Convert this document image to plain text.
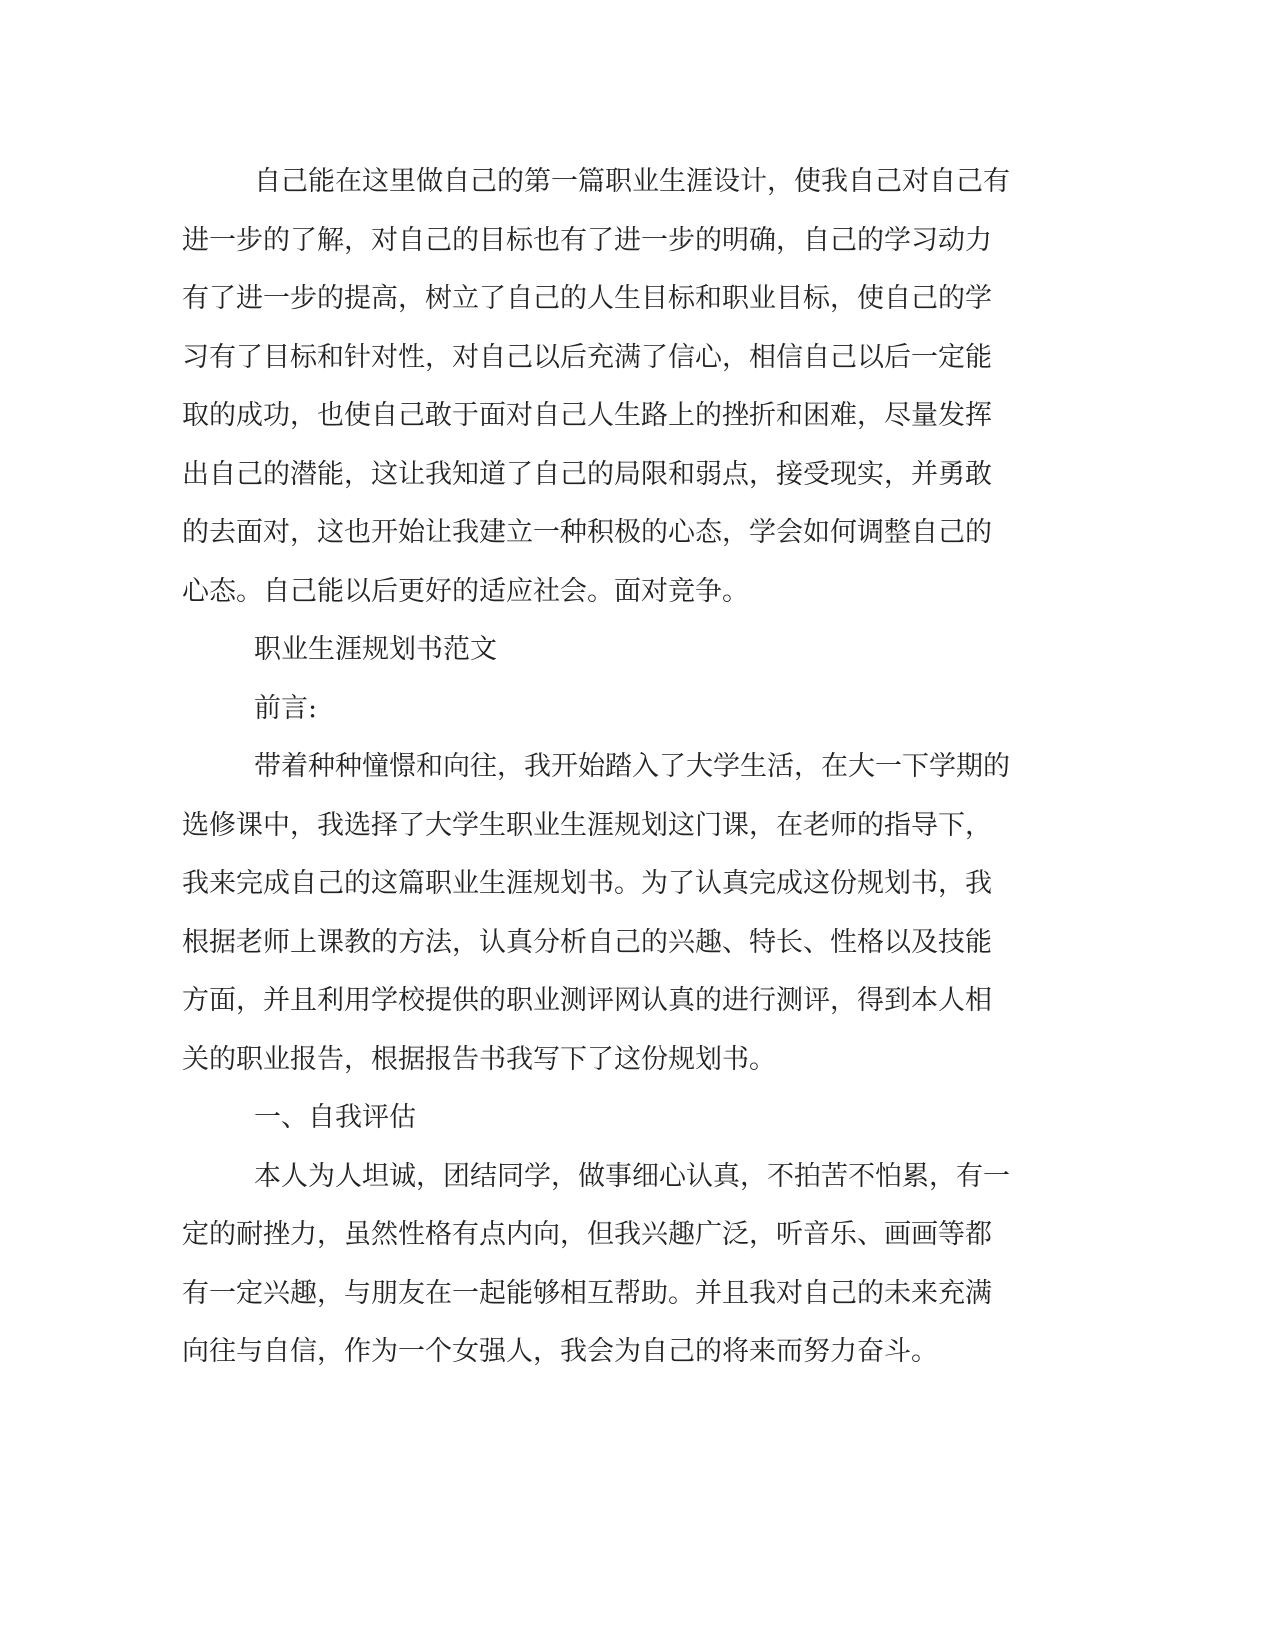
自己能在这里做自己的第一篇职业生涯设计，使我自己对自己有
进一步的了解，对自己的目标也有了进一步的明确，自己的学习动力
有了进一步的提高，树立了自己的人生目标和职业目标，使自己的学
习有了目标和针对性，对自己以后充满了信心，相信自己以后一定能
取的成功，也使自己敢于面对自己人生路上的挫折和困难，尽量发挥
出自己的潜能，这让我知道了自己的局限和弱点，接受现实，并勇敢
的去面对，这也开始让我建立一种积极的心态，学会如何调整自己的
心态。自己能以后更好的适应社会。面对竞争。
职业生涯规划书范文
前言:
带着种种憧憬和向往，我开始踏入了大学生活，在大一下学期的
选修课中，我选择了大学生职业生涯规划这门课，在老师的指导下，
我来完成自己的这篇职业生涯规划书。为了认真完成这份规划书，我
根据老师上课教的方法，认真分析自己的兴趣、特长、性格以及技能
方面，并且利用学校提供的职业测评网认真的进行测评，得到本人相
关的职业报告，根据报告书我写下了这份规划书。
一、自我评估
本人为人坦诚，团结同学，做事细心认真，不拍苦不怕累，有一
定的耐挫力，虽然性格有点内向，但我兴趣广泛，听音乐、画画等都
有一定兴趣，与朋友在一起能够相互帮助。并且我对自己的未来充满
向往与自信，作为一个女强人，我会为自己的将来而努力奋斗。
